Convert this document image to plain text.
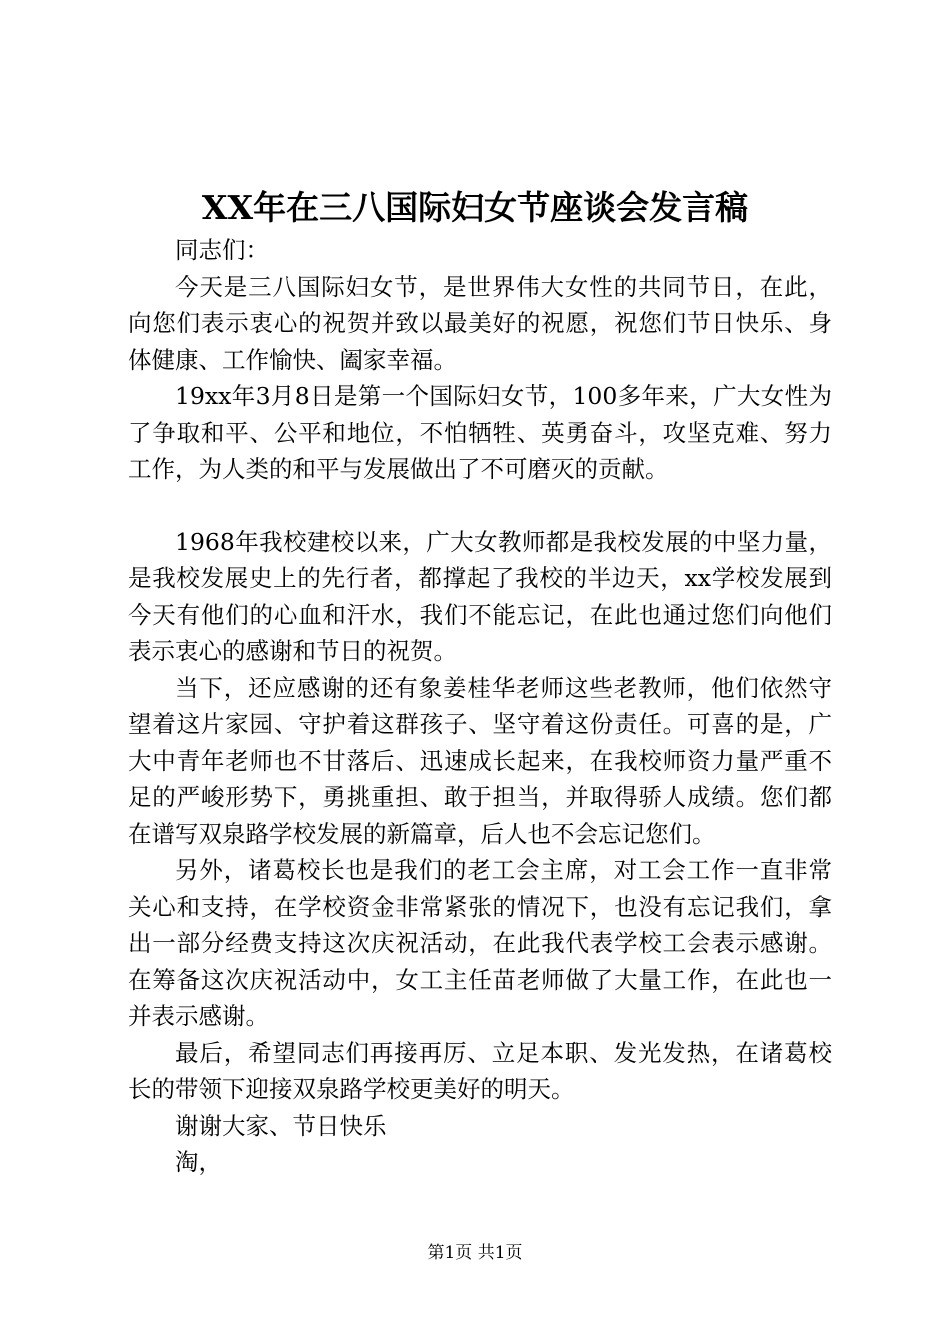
XX年在三八国际妇女节座谈会发言稿

同志们：

今天是三八国际妇女节，是世界伟大女性的共同节日，在此，向您们表示衷心的祝贺并致以最美好的祝愿，祝您们节日快乐、身体健康、工作愉快、阖家幸福。

19xx年3月8日是第一个国际妇女节，100多年来，广大女性为了争取和平、公平和地位，不怕牺牲、英勇奋斗，攻坚克难、努力工作，为人类的和平与发展做出了不可磨灭的贡献。

1968年我校建校以来，广大女教师都是我校发展的中坚力量，是我校发展史上的先行者，都撑起了我校的半边天，xx学校发展到今天有他们的心血和汗水，我们不能忘记，在此也通过您们向他们表示衷心的感谢和节日的祝贺。

当下，还应感谢的还有象姜桂华老师这些老教师，他们依然守望着这片家园、守护着这群孩子、坚守着这份责任。可喜的是，广大中青年老师也不甘落后、迅速成长起来，在我校师资力量严重不足的严峻形势下，勇挑重担、敢于担当，并取得骄人成绩。您们都在谱写双泉路学校发展的新篇章，后人也不会忘记您们。

另外，诸葛校长也是我们的老工会主席，对工会工作一直非常关心和支持，在学校资金非常紧张的情况下，也没有忘记我们，拿出一部分经费支持这次庆祝活动，在此我代表学校工会表示感谢。在筹备这次庆祝活动中，女工主任苗老师做了大量工作，在此也一并表示感谢。

最后，希望同志们再接再厉、立足本职、发光发热，在诸葛校长的带领下迎接双泉路学校更美好的明天。

谢谢大家、节日快乐

淘，

第1页 共1页
